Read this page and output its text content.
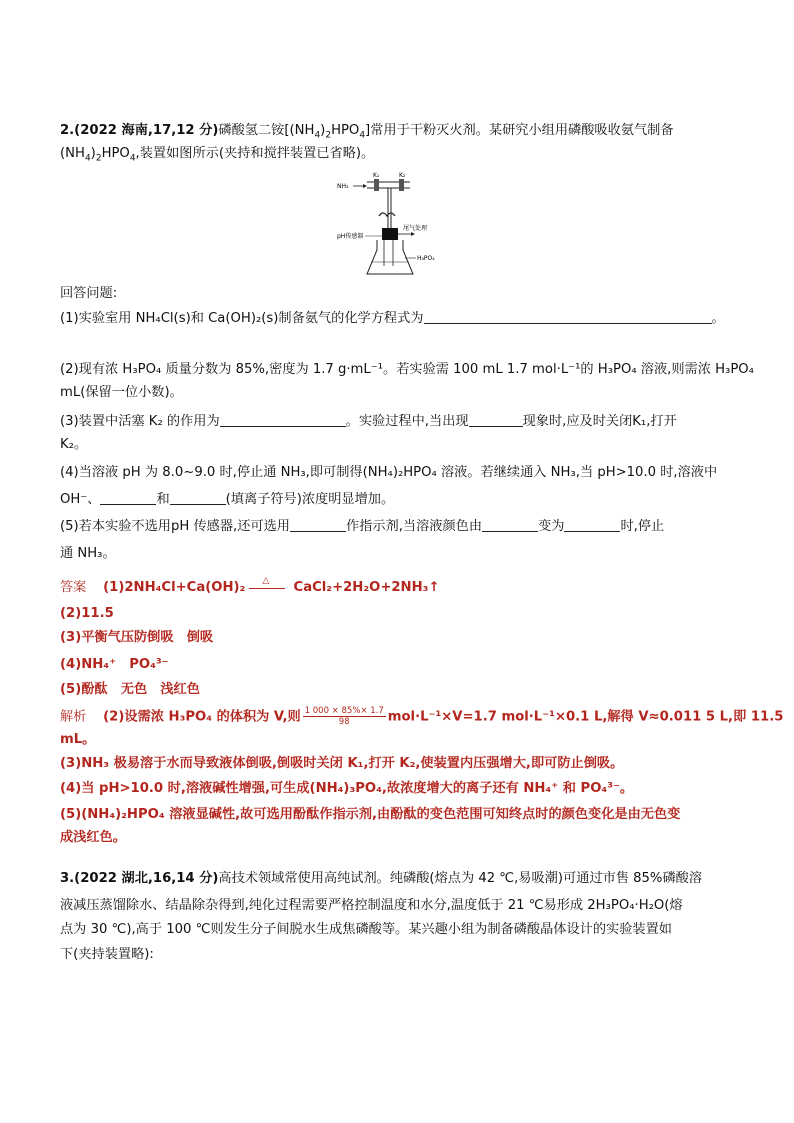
2.(2022 海南,17,12 分)磷酸氢二铵$[(NH_4)_2HPO_4]$常用于干粉灭火剂。某研究小组用磷酸吸收氨气制备
$(NH_4)_2HPO_4$,装置如图所示(夹持和搅拌装置已省略)。
NH₃
K₁	K₂
尾气处理
pH传感器
H₃PO₄
回答问题:
(1)实验室用 NH₄Cl(s)和 Ca(OH)₂(s)制备氨气的化学方程式为	。
(2)现有浓 H₃PO₄ 质量分数为 85%,密度为 1.7 g·mL⁻¹。若实验需 100 mL 1.7 mol·L⁻¹的 H₃PO₄ 溶液,则需浓 H₃PO₄
mL(保留一位小数)。
(3)装置中活塞 K₂ 的作用为	。实验过程中,当出现	现象时,应及时关闭K₁,打开
K₂。
(4)当溶液 pH 为 8.0~9.0 时,停止通 NH₃,即可制得(NH₄)₂HPO₄ 溶液。若继续通入 NH₃,当 pH>10.0 时,溶液中
OH⁻、	和	(填离子符号)浓度明显增加。
(5)若本实验不选用pH 传感器,还可选用	作指示剂,当溶液颜色由	变为	时,停止
通 NH₃。
答案 (1)2NH₄Cl+Ca(OH)₂ △ CaCl₂+2H₂O+2NH₃↑
(2)11.5
(3)平衡气压防倒吸　倒吸
(4)NH₄⁺　PO₄³⁻
(5)酚酞　无色　浅红色
解析 (2)设需浓 H₃PO₄ 的体积为 V,则 $\frac{1 000 \times 85\%\times 1.7}{98} mol\cdot L^{-1}\times V=1.7$ mol·L⁻¹×0.1 L,解得 V≈0.011 5 L,即 11.5
mL。
(3)NH₃ 极易溶于水而导致液体倒吸,倒吸时关闭 K₁,打开 K₂,使装置内压强增大,即可防止倒吸。
(4)当 pH>10.0 时,溶液碱性增强,可生成(NH₄)₃PO₄,故浓度增大的离子还有 NH₄⁺ 和 PO₄³⁻。
(5)(NH₄)₂HPO₄ 溶液显碱性,故可选用酚酞作指示剂,由酚酞的变色范围可知终点时的颜色变化是由无色变
成浅红色。
3.(2022 湖北,16,14 分)高技术领域常使用高纯试剂。纯磷酸(熔点为 42 ℃,易吸潮)可通过市售 85%磷酸溶
液减压蒸馏除水、结晶除杂得到,纯化过程需要严格控制温度和水分,温度低于 21 ℃易形成 2H₃PO₄·H₂O(熔
点为 30 ℃),高于 100 ℃则发生分子间脱水生成焦磷酸等。某兴趣小组为制备磷酸晶体设计的实验装置如
下(夹持装置略):
